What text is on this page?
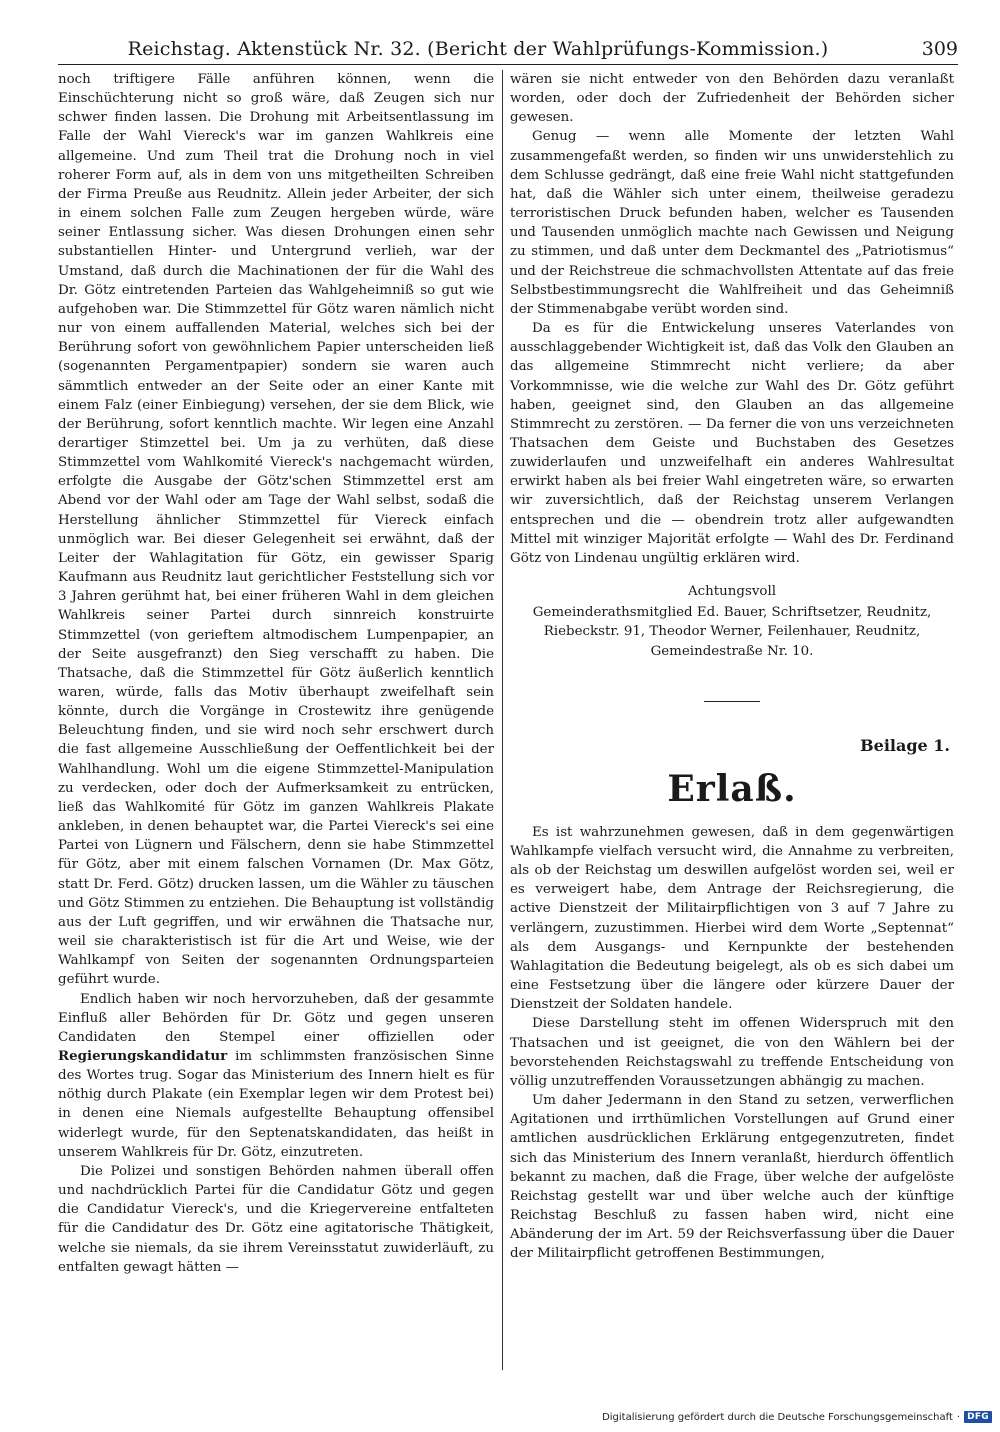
Reichstag. Aktenstück Nr. 32. (Bericht der Wahlprüfungs-Kommission.)	309

noch triftigere Fälle anführen können, wenn die Einschüchterung nicht so groß wäre, daß Zeugen sich nur schwer finden lassen. Die Drohung mit Arbeitsentlassung im Falle der Wahl Viereck's war im ganzen Wahlkreis eine allgemeine. Und zum Theil trat die Drohung noch in viel roherer Form auf, als in dem von uns mitgetheilten Schreiben der Firma Preuße aus Reudnitz. Allein jeder Arbeiter, der sich in einem solchen Falle zum Zeugen hergeben würde, wäre seiner Entlassung sicher. Was diesen Drohungen einen sehr substantiellen Hinter- und Untergrund verlieh, war der Umstand, daß durch die Machinationen der für die Wahl des Dr. Götz eintretenden Parteien das Wahlgeheimniß so gut wie aufgehoben war. Die Stimmzettel für Götz waren nämlich nicht nur von einem auffallenden Material, welches sich bei der Berührung sofort von gewöhnlichem Papier unterscheiden ließ (sogenannten Pergamentpapier) sondern sie waren auch sämmtlich entweder an der Seite oder an einer Kante mit einem Falz (einer Einbiegung) versehen, der sie dem Blick, wie der Berührung, sofort kenntlich machte. Wir legen eine Anzahl derartiger Stimzettel bei. Um ja zu verhüten, daß diese Stimmzettel vom Wahlkomité Viereck's nachgemacht würden, erfolgte die Ausgabe der Götz'schen Stimmzettel erst am Abend vor der Wahl oder am Tage der Wahl selbst, sodaß die Herstellung ähnlicher Stimmzettel für Viereck einfach unmöglich war. Bei dieser Gelegenheit sei erwähnt, daß der Leiter der Wahlagitation für Götz, ein gewisser Sparig Kaufmann aus Reudnitz laut gerichtlicher Feststellung sich vor 3 Jahren gerühmt hat, bei einer früheren Wahl in dem gleichen Wahlkreis seiner Partei durch sinnreich konstruirte Stimmzettel (von gerieftem altmodischem Lumpenpapier, an der Seite ausgefranzt) den Sieg verschafft zu haben. Die Thatsache, daß die Stimmzettel für Götz äußerlich kenntlich waren, würde, falls das Motiv überhaupt zweifelhaft sein könnte, durch die Vorgänge in Crostewitz ihre genügende Beleuchtung finden, und sie wird noch sehr erschwert durch die fast allgemeine Ausschließung der Oeffentlichkeit bei der Wahlhandlung. Wohl um die eigene Stimmzettel-Manipulation zu verdecken, oder doch der Aufmerksamkeit zu entrücken, ließ das Wahlkomité für Götz im ganzen Wahlkreis Plakate ankleben, in denen behauptet war, die Partei Viereck's sei eine Partei von Lügnern und Fälschern, denn sie habe Stimmzettel für Götz, aber mit einem falschen Vornamen (Dr. Max Götz, statt Dr. Ferd. Götz) drucken lassen, um die Wähler zu täuschen und Götz Stimmen zu entziehen. Die Behauptung ist vollständig aus der Luft gegriffen, und wir erwähnen die Thatsache nur, weil sie charakteristisch ist für die Art und Weise, wie der Wahlkampf von Seiten der sogenannten Ordnungsparteien geführt wurde.

Endlich haben wir noch hervorzuheben, daß der gesammte Einfluß aller Behörden für Dr. Götz und gegen unseren Candidaten den Stempel einer offiziellen oder Regierungskandidatur im schlimmsten französischen Sinne des Wortes trug. Sogar das Ministerium des Innern hielt es für nöthig durch Plakate (ein Exemplar legen wir dem Protest bei) in denen eine Niemals aufgestellte Behauptung offensibel widerlegt wurde, für den Septenatskandidaten, das heißt in unserem Wahlkreis für Dr. Götz, einzutreten.

Die Polizei und sonstigen Behörden nahmen überall offen und nachdrücklich Partei für die Candidatur Götz und gegen die Candidatur Viereck's, und die Kriegervereine entfalteten für die Candidatur des Dr. Götz eine agitatorische Thätigkeit, welche sie niemals, da sie ihrem Vereinsstatut zuwiderläuft, zu entfalten gewagt hätten —

wären sie nicht entweder von den Behörden dazu veranlaßt worden, oder doch der Zufriedenheit der Behörden sicher gewesen.

Genug — wenn alle Momente der letzten Wahl zusammengefaßt werden, so finden wir uns unwiderstehlich zu dem Schlusse gedrängt, daß eine freie Wahl nicht stattgefunden hat, daß die Wähler sich unter einem, theilweise geradezu terroristischen Druck befunden haben, welcher es Tausenden und Tausenden unmöglich machte nach Gewissen und Neigung zu stimmen, und daß unter dem Deckmantel des „Patriotismus“ und der Reichstreue die schmachvollsten Attentate auf das freie Selbstbestimmungsrecht die Wahlfreiheit und das Geheimniß der Stimmenabgabe verübt worden sind.

Da es für die Entwickelung unseres Vaterlandes von ausschlaggebender Wichtigkeit ist, daß das Volk den Glauben an das allgemeine Stimmrecht nicht verliere; da aber Vorkommnisse, wie die welche zur Wahl des Dr. Götz geführt haben, geeignet sind, den Glauben an das allgemeine Stimmrecht zu zerstören. — Da ferner die von uns verzeichneten Thatsachen dem Geiste und Buchstaben des Gesetzes zuwiderlaufen und unzweifelhaft ein anderes Wahlresultat erwirkt haben als bei freier Wahl eingetreten wäre, so erwarten wir zuversichtlich, daß der Reichstag unserem Verlangen entsprechen und die — obendrein trotz aller aufgewandten Mittel mit winziger Majorität erfolgte — Wahl des Dr. Ferdinand Götz von Lindenau ungültig erklären wird.

Achtungsvoll
Gemeinderathsmitglied Ed. Bauer, Schriftsetzer, Reudnitz, Riebeckstr. 91, Theodor Werner, Feilenhauer, Reudnitz, Gemeindestraße Nr. 10.
Beilage 1.
Erlaß.

Es ist wahrzunehmen gewesen, daß in dem gegenwärtigen Wahlkampfe vielfach versucht wird, die Annahme zu verbreiten, als ob der Reichstag um deswillen aufgelöst worden sei, weil er es verweigert habe, dem Antrage der Reichsregierung, die active Dienstzeit der Militairpflichtigen von 3 auf 7 Jahre zu verlängern, zuzustimmen. Hierbei wird dem Worte „Septennat“ als dem Ausgangs- und Kernpunkte der bestehenden Wahlagitation die Bedeutung beigelegt, als ob es sich dabei um eine Festsetzung über die längere oder kürzere Dauer der Dienstzeit der Soldaten handele.

Diese Darstellung steht im offenen Widerspruch mit den Thatsachen und ist geeignet, die von den Wählern bei der bevorstehenden Reichstagswahl zu treffende Entscheidung von völlig unzutreffenden Voraussetzungen abhängig zu machen.

Um daher Jedermann in den Stand zu setzen, verwerflichen Agitationen und irrthümlichen Vorstellungen auf Grund einer amtlichen ausdrücklichen Erklärung entgegenzutreten, findet sich das Ministerium des Innern veranlaßt, hierdurch öffentlich bekannt zu machen, daß die Frage, über welche der aufgelöste Reichstag gestellt war und über welche auch der künftige Reichstag Beschluß zu fassen haben wird, nicht eine Abänderung der im Art. 59 der Reichsverfassung über die Dauer der Militairpflicht getroffenen Bestimmungen,

Digitalisierung gefördert durch die Deutsche Forschungsgemeinschaft · DFG
